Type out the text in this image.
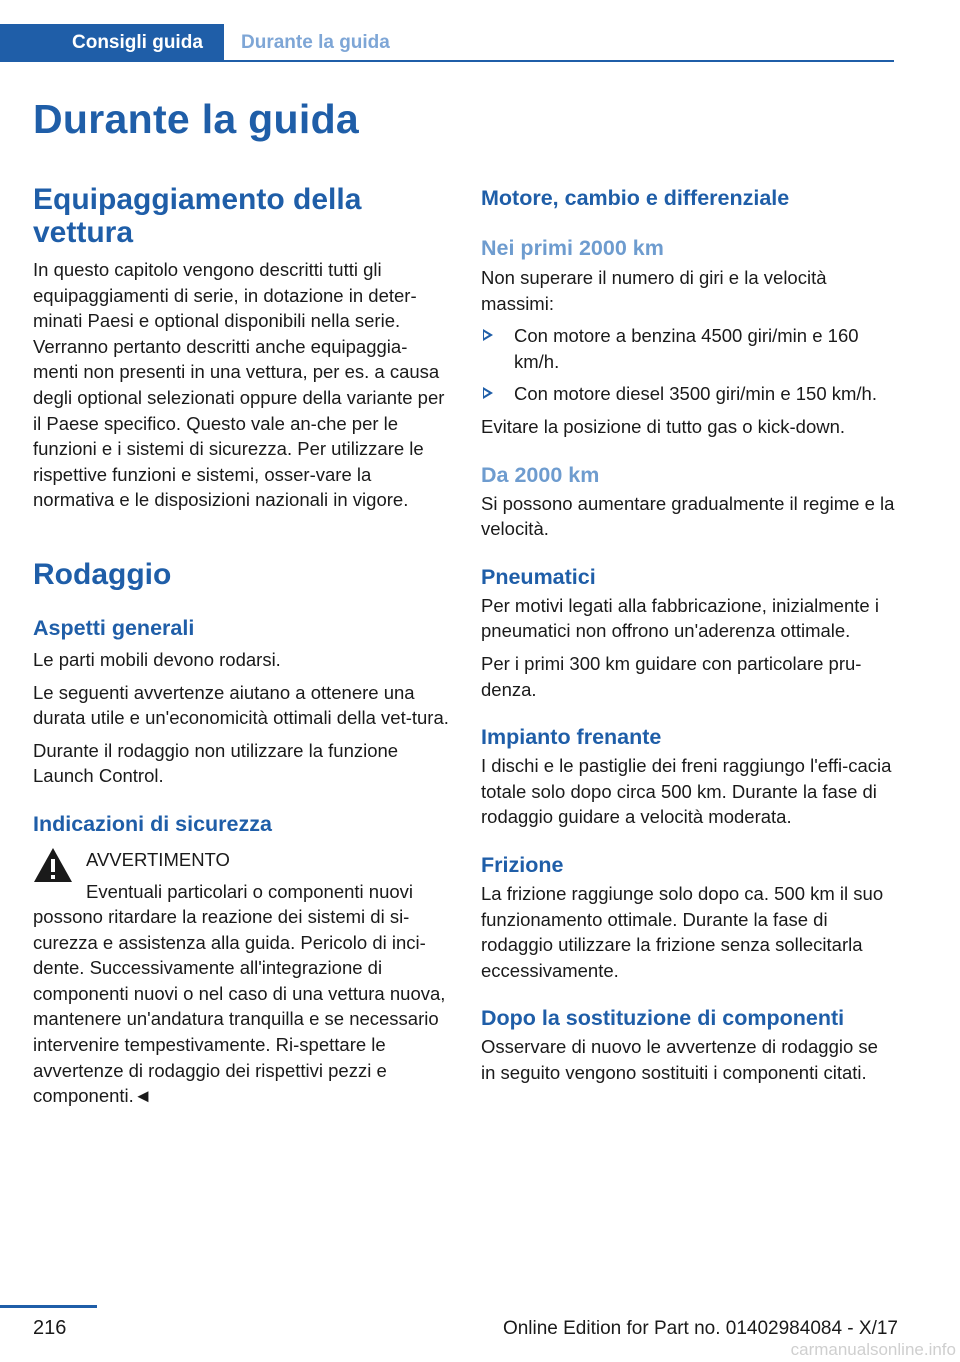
Consigli guida	Durante la guida
Durante la guida
Equipaggiamento della vettura

In questo capitolo vengono descritti tutti gli equipaggiamenti di serie, in dotazione in deter-minati Paesi e optional disponibili nella serie. Verranno pertanto descritti anche equipaggia-menti non presenti in una vettura, per es. a causa degli optional selezionati oppure della variante per il Paese specifico. Questo vale an-che per le funzioni e i sistemi di sicurezza. Per utilizzare le rispettive funzioni e sistemi, osser-vare la normativa e le disposizioni nazionali in vigore.

Rodaggio
Aspetti generali

Le parti mobili devono rodarsi.

Le seguenti avvertenze aiutano a ottenere una durata utile e un'economicità ottimali della vet-tura.

Durante il rodaggio non utilizzare la funzione Launch Control.

Indicazioni di sicurezza

AVVERTIMENTO

Eventuali particolari o componenti nuovi possono ritardare la reazione dei sistemi di si-curezza e assistenza alla guida. Pericolo di inci-dente. Successivamente all'integrazione di componenti nuovi o nel caso di una vettura nuova, mantenere un'andatura tranquilla e se necessario intervenire tempestivamente. Ri-spettare le avvertenze di rodaggio dei rispettivi pezzi e componenti.◄

Motore, cambio e differenziale
Nei primi 2000 km

Non superare il numero di giri e la velocità massimi:

Con motore a benzina 4500 giri/min e 160 km/h.
Con motore diesel 3500 giri/min e 150 km/h.

Evitare la posizione di tutto gas o kick-down.

Da 2000 km

Si possono aumentare gradualmente il regime e la velocità.

Pneumatici

Per motivi legati alla fabbricazione, inizialmente i pneumatici non offrono un'aderenza ottimale.

Per i primi 300 km guidare con particolare pru-denza.

Impianto frenante

I dischi e le pastiglie dei freni raggiungo l'effi-cacia totale solo dopo circa 500 km. Durante la fase di rodaggio guidare a velocità moderata.

Frizione

La frizione raggiunge solo dopo ca. 500 km il suo funzionamento ottimale. Durante la fase di rodaggio utilizzare la frizione senza sollecitarla eccessivamente.

Dopo la sostituzione di componenti

Osservare di nuovo le avvertenze di rodaggio se in seguito vengono sostituiti i componenti citati.

216	Online Edition for Part no. 01402984084 - X/17
carmanualsonline.info
